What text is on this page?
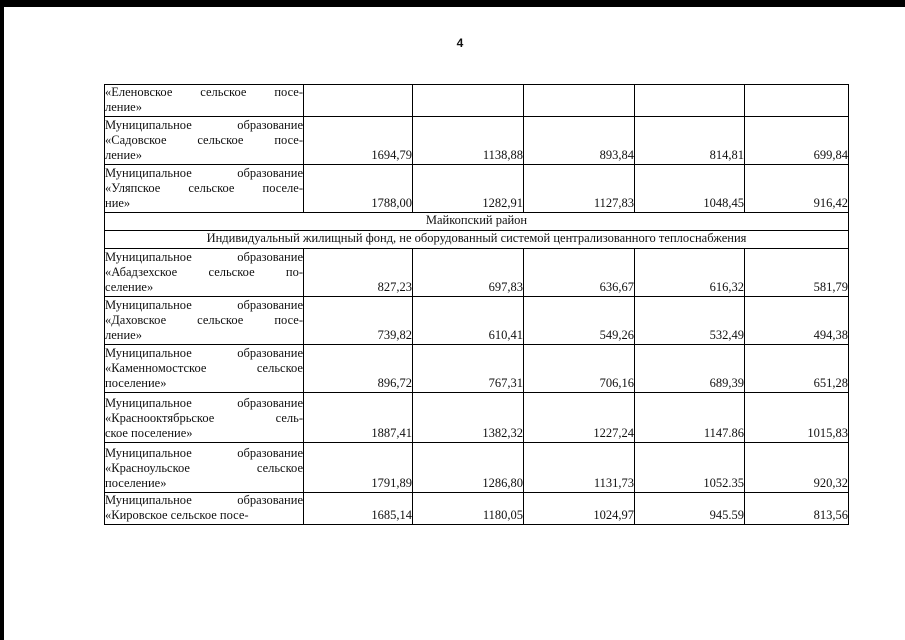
4
«Еленовское сельское посе-
ление»					

Муниципальное образование
«Садовское сельское посе-
ление»	1694,79	1138,88	893,84	814,81	699,84

Муниципальное образование
«Уляпское сельское поселе-
ние»	1788,00	1282,91	1127,83	1048,45	916,42
Майкопский район					
Индивидуальный жилищный фонд, не оборудованный системой централизованного теплоснабжения					

Муниципальное образование
«Абадзехское сельское по-
селение»	827,23	697,83	636,67	616,32	581,79

Муниципальное образование
«Даховское сельское посе-
ление»	739,82	610,41	549,26	532,49	494,38

Муниципальное образование
«Каменномостское сельское
поселение»	896,72	767,31	706,16	689,39	651,28

Муниципальное образование
«Краснооктябрьское сель-
ское поселение»	1887,41	1382,32	1227,24	1147.86	1015,83

Муниципальное образование
«Красноульское сельское
поселение»	1791,89	1286,80	1131,73	1052.35	920,32

Муниципальное образование
«Кировское сельское посе-	1685,14	1180,05	1024,97	945.59	813,56
